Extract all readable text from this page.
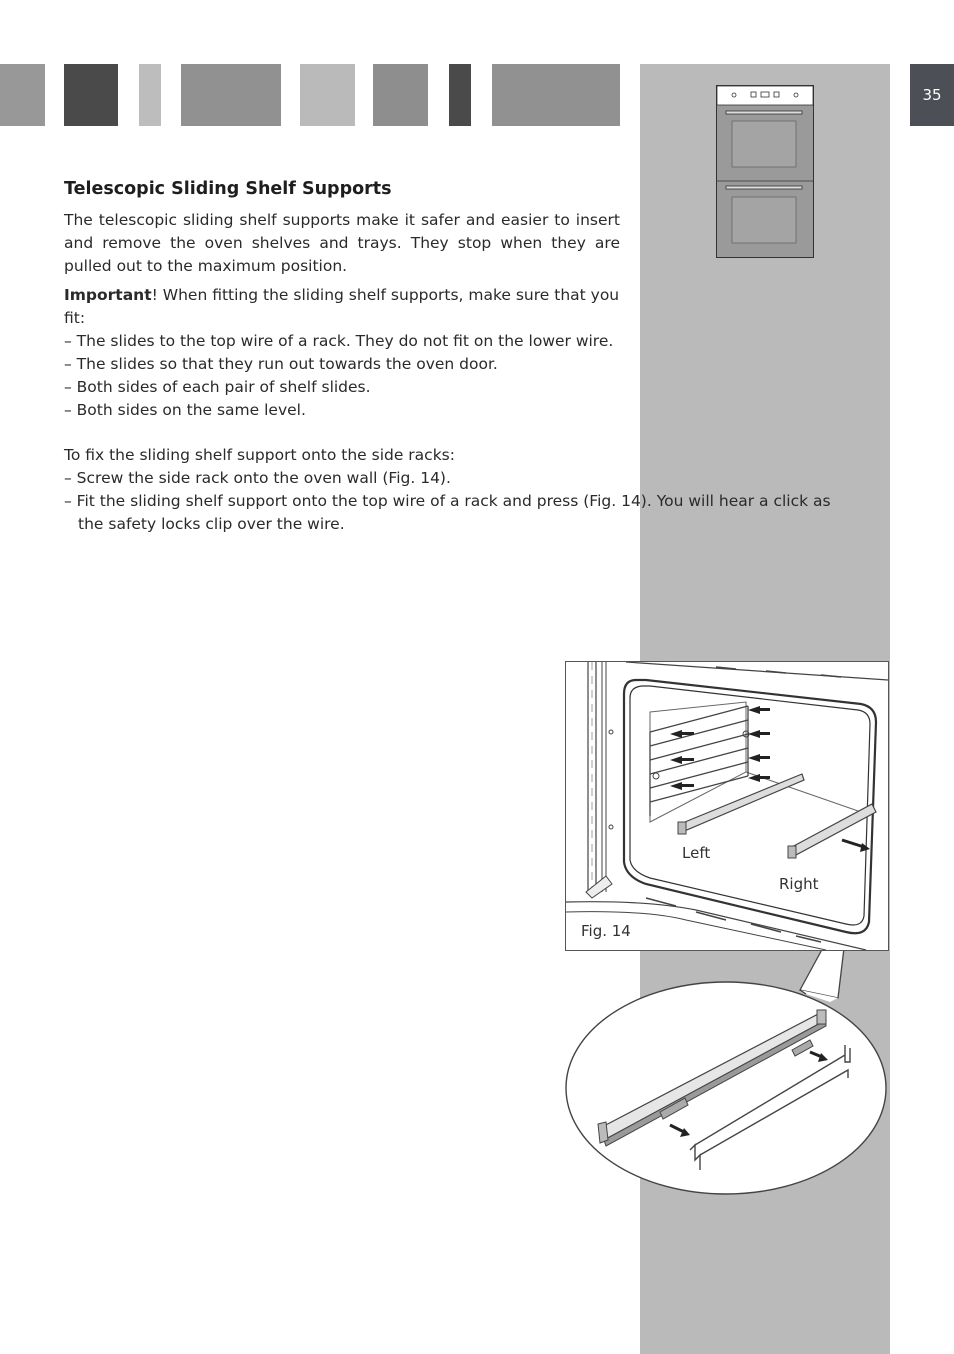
35
Telescopic Sliding Shelf Supports

The telescopic sliding shelf supports make it safer and easier to insert and remove the oven shelves and trays. They stop when they are pulled out to the maximum position.

Important! When fitting the sliding shelf supports, make sure that you fit:

– The slides to the top wire of a rack. They do not fit on the lower wire.

– The slides so that they run out towards the oven door.

– Both sides of each pair of shelf slides.

– Both sides on the same level.

To fix the sliding shelf support onto the side racks:

– Screw the side rack onto the oven wall (Fig. 14).

– Fit the sliding shelf support onto the top wire of a rack and press (Fig. 14). You will hear a click as the safety locks clip over the wire.

Left
Right
Fig. 14
